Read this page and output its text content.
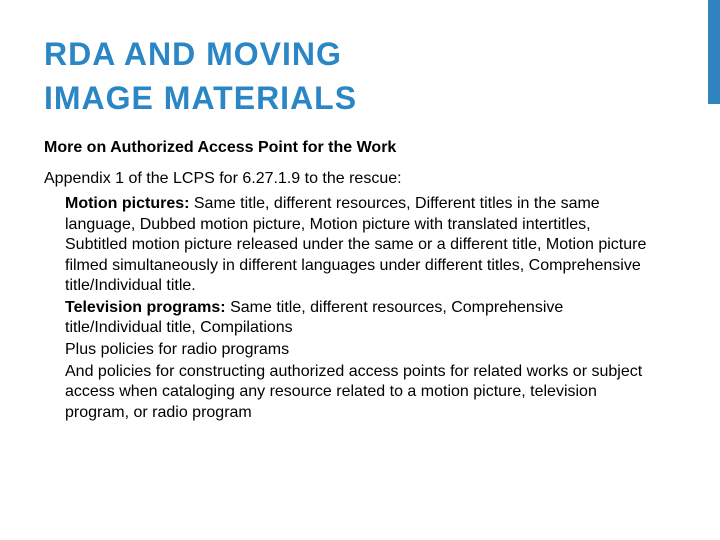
RDA AND MOVING
IMAGE MATERIALS

More on Authorized Access Point for the Work

Appendix 1 of the LCPS for 6.27.1.9 to the rescue:

Motion pictures: Same title, different resources, Different titles in the same language, Dubbed motion picture, Motion picture with translated intertitles, Subtitled motion picture released under the same or a different title, Motion picture filmed simultaneously in different languages under different titles, Comprehensive title/Individual title.
Television programs: Same title, different resources, Comprehensive title/Individual title, Compilations
Plus policies for radio programs
And policies for constructing authorized access points for related works or subject access when cataloging any resource related to a motion picture, television program, or radio program
